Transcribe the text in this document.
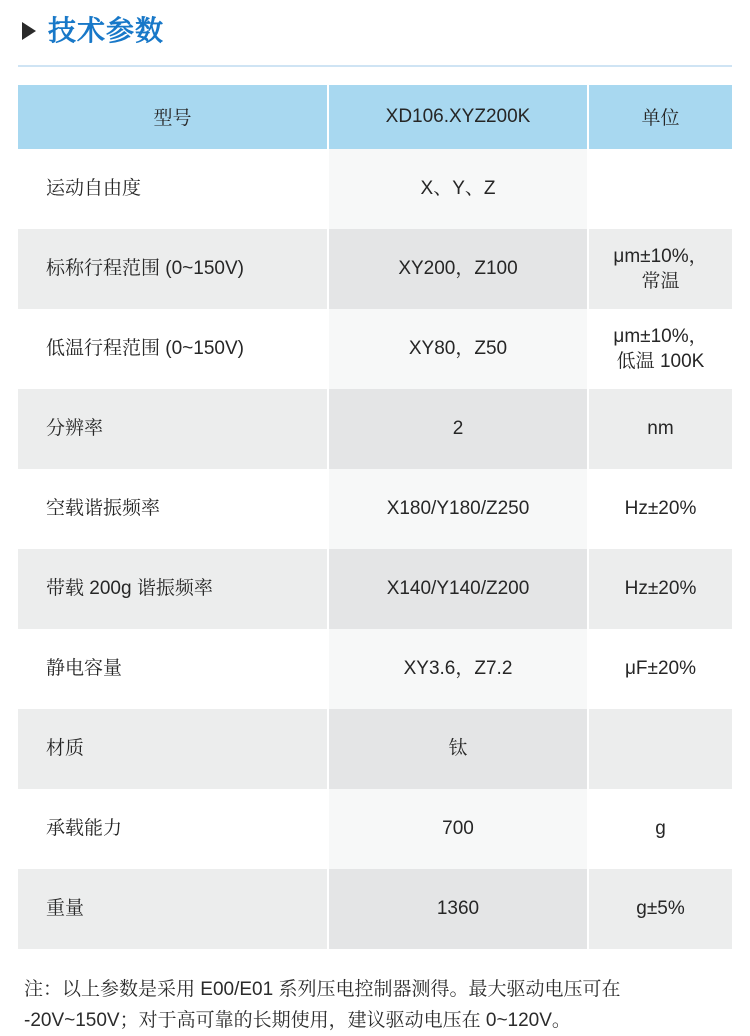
技术参数
型号	XD106.XYZ200K	单位
运动自由度	X、Y、Z	
标称行程范围 (0~150V)	XY200，Z100	μm±10%，
常温

低温行程范围 (0~150V)	XY80，Z50	μm±10%，
低温 100K

分辨率	2	nm
空载谐振频率	X180/Y180/Z250	Hz±20%
带载 200g 谐振频率	X140/Y140/Z200	Hz±20%
静电容量	XY3.6，Z7.2	μF±20%
材质	钛	
承载能力	700	g
重量	1360	g±5%
注：以上参数是采用 E00/E01 系列压电控制器测得。最大驱动电压可在 -20V~150V；对于高可靠的长期使用，建议驱动电压在 0~120V。
